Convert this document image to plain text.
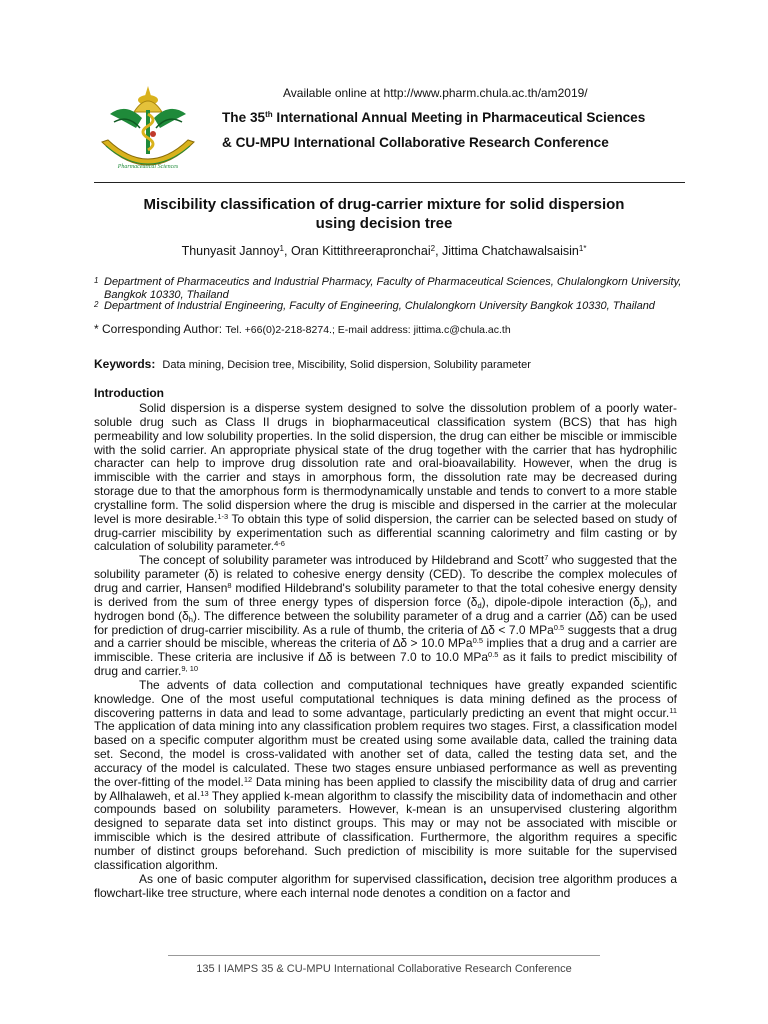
Pharmaceutical Sciences
Available online at http://www.pharm.chula.ac.th/am2019/
The 35th International Annual Meeting in Pharmaceutical Sciences
& CU-MPU International Collaborative Research Conference
Miscibility classification of drug-carrier mixture for solid dispersion
using decision tree
Thunyasit Jannoy$^1$, Oran Kittithreerapronchai$^2$, Jittima Chatchawalsaisin$^{1*}$
1 Department of Pharmaceutics and Industrial Pharmacy, Faculty of Pharmaceutical Sciences, Chulalongkorn University, Bangkok 10330, Thailand
2 Department of Industrial Engineering, Faculty of Engineering, Chulalongkorn University Bangkok 10330, Thailand
* Corresponding Author: Tel. +66(0)2-218-8274.; E-mail address: jittima.c@chula.ac.th
Keywords: Data mining, Decision tree, Miscibility, Solid dispersion, Solubility parameter
Introduction

Solid dispersion is a disperse system designed to solve the dissolution problem of a poorly water-soluble drug such as Class II drugs in biopharmaceutical classification system (BCS) that has high permeability and low solubility properties. In the solid dispersion, the drug can either be miscible or immiscible with the solid carrier. An appropriate physical state of the drug together with the carrier that has hydrophilic character can help to improve drug dissolution rate and oral-bioavailability. However, when the drug is immiscible with the carrier and stays in amorphous form, the dissolution rate may be decreased during storage due to that the amorphous form is thermodynamically unstable and tends to convert to a more stable crystalline form. The solid dispersion where the drug is miscible and dispersed in the carrier at the molecular level is more desirable.$^{1-3}$ To obtain this type of solid dispersion, the carrier can be selected based on study of drug-carrier miscibility by experimentation such as differential scanning calorimetry and film casting or by calculation of solubility parameter.$^{4-6}$

The concept of solubility parameter was introduced by Hildebrand and Scott$^7$ who suggested that the solubility parameter (δ) is related to cohesive energy density (CED). To describe the complex molecules of drug and carrier, Hansen$^8$ modified Hildebrand's solubility parameter to that the total cohesive energy density is derived from the sum of three energy types of dispersion force $(\delta_d)$, dipole-dipole interaction $(\delta_p)$, and hydrogen bond $(\delta_h)$. The difference between the solubility parameter of a drug and a carrier (∆δ) can be used for prediction of drug-carrier miscibility. As a rule of thumb, the criteria of ∆δ < 7.0 MPa$^{0.5}$ suggests that a drug and a carrier should be miscible, whereas the criteria of ∆δ > 10.0 MPa$^{0.5}$ implies that a drug and a carrier are immiscible. These criteria are inclusive if ∆δ is between 7.0 to 10.0 MPa$^{0.5}$ as it fails to predict miscibility of drug and carrier.$^{9, 10}$

The advents of data collection and computational techniques have greatly expanded scientific knowledge. One of the most useful computational techniques is data mining defined as the process of discovering patterns in data and lead to some advantage, particularly predicting an event that might occur.$^{11}$ The application of data mining into any classification problem requires two stages. First, a classification model based on a specific computer algorithm must be created using some available data, called the training data set. Second, the model is cross-validated with another set of data, called the testing data set, and the accuracy of the model is calculated. These two stages ensure unbiased performance as well as preventing the over-fitting of the model.$^{12}$ Data mining has been applied to classify the miscibility data of drug and carrier by Allhalaweh, et al.$^{13}$ They applied k-mean algorithm to classify the miscibility data of indomethacin and other compounds based on solubility parameters. However, k-mean is an unsupervised clustering algorithm designed to separate data set into distinct groups. This may or may not be associated with miscible or immiscible which is the desired attribute of classification. Furthermore, the algorithm requires a specific number of distinct groups beforehand. Such prediction of miscibility is more suitable for the supervised classification algorithm.

As one of basic computer algorithm for supervised classification, decision tree algorithm produces a flowchart-like tree structure, where each internal node denotes a condition on a factor and

135 I IAMPS 35 & CU-MPU International Collaborative Research Conference
